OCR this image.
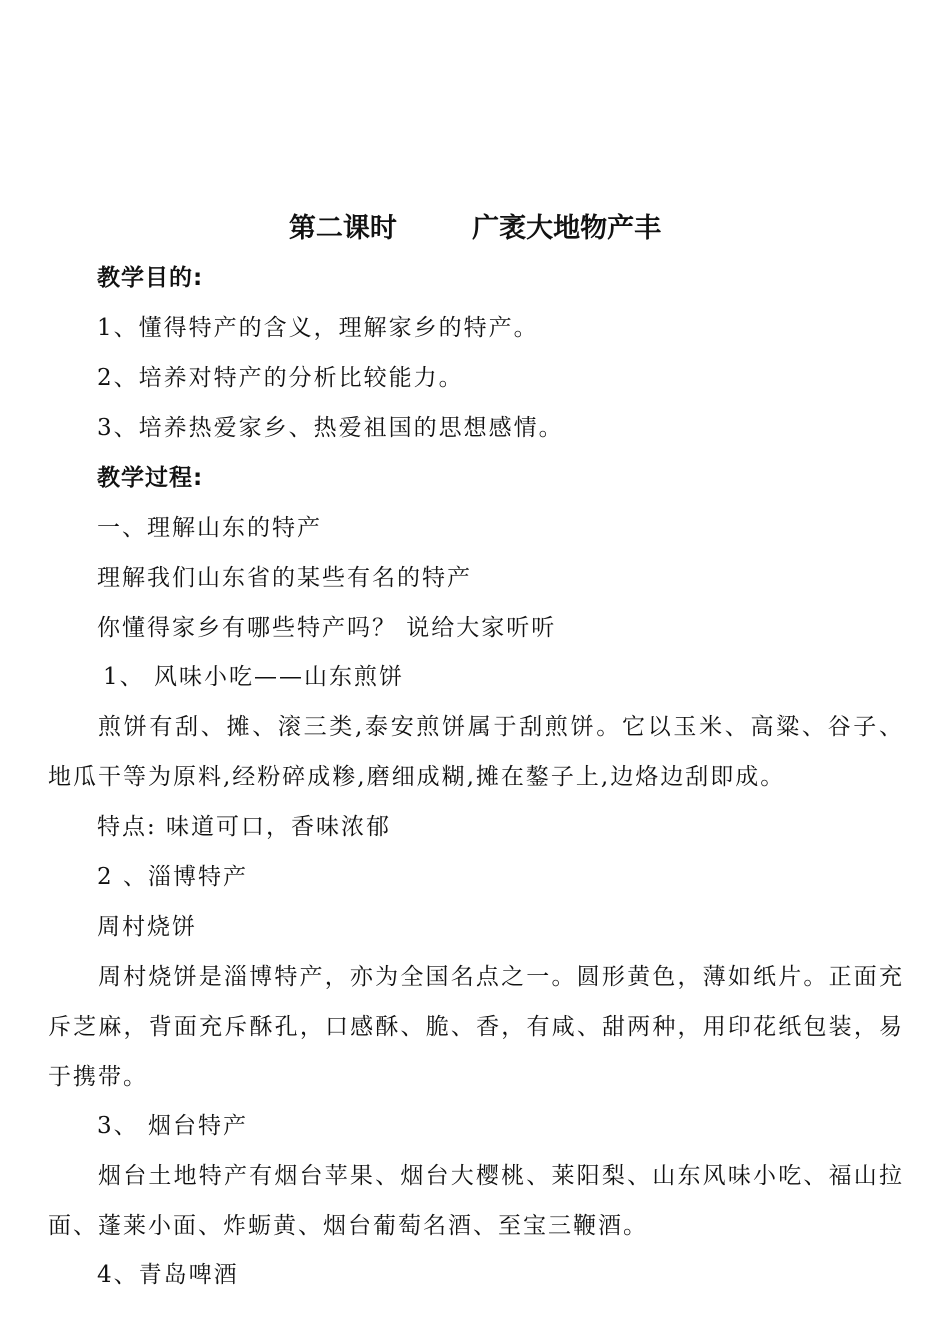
第二课时        广袤大地物产丰
教学目的:
1、懂得特产的含义，理解家乡的特产。
2、培养对特产的分析比较能力。
3、培养热爱家乡、热爱祖国的思想感情。
教学过程:
一、理解山东的特产
理解我们山东省的某些有名的特产
你懂得家乡有哪些特产吗？ 说给大家听听
1、 风味小吃——山东煎饼
煎饼有刮、摊、滚三类,泰安煎饼属于刮煎饼。它以玉米、高粱、谷子、地瓜干等为原料,经粉碎成糁,磨细成糊,摊在鏊子上,边烙边刮即成。
特点: 味道可口，香味浓郁
2 、淄博特产
周村烧饼
周村烧饼是淄博特产，亦为全国名点之一。圆形黄色，薄如纸片。正面充斥芝麻，背面充斥酥孔，口感酥、脆、香，有咸、甜两种，用印花纸包装，易于携带。
3、 烟台特产
烟台土地特产有烟台苹果、烟台大樱桃、莱阳梨、山东风味小吃、福山拉面、蓬莱小面、炸蛎黄、烟台葡萄名酒、至宝三鞭酒。
4、青岛啤酒
